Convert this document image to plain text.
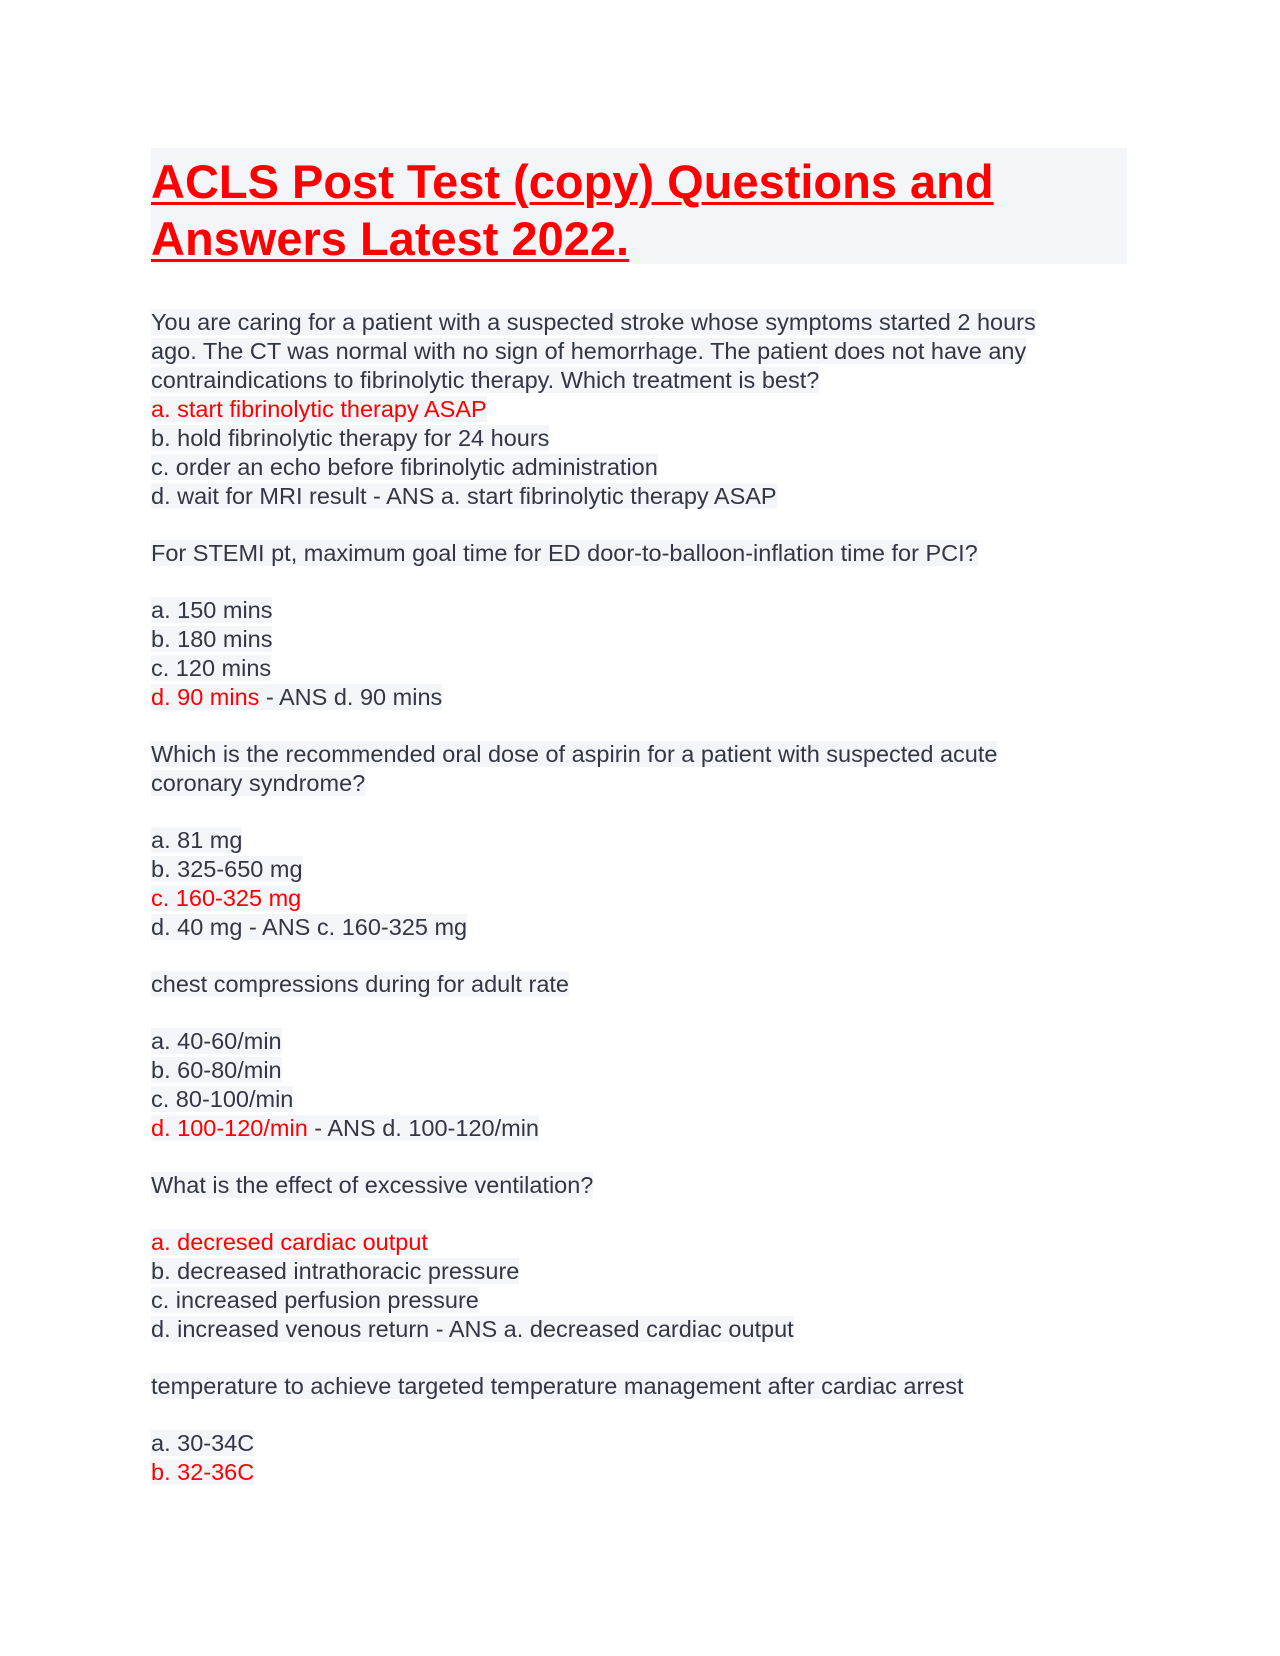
ACLS Post Test (copy) Questions and
Answers Latest 2022.
You are caring for a patient with a suspected stroke whose symptoms started 2 hours
ago. The CT was normal with no sign of hemorrhage. The patient does not have any
contraindications to fibrinolytic therapy. Which treatment is best?
a. start fibrinolytic therapy ASAP
b. hold fibrinolytic therapy for 24 hours
c. order an echo before fibrinolytic administration
d. wait for MRI result - ANS a. start fibrinolytic therapy ASAP
For STEMI pt, maximum goal time for ED door-to-balloon-inflation time for PCI?
a. 150 mins
b. 180 mins
c. 120 mins
d. 90 mins - ANS d. 90 mins
Which is the recommended oral dose of aspirin for a patient with suspected acute
coronary syndrome?
a. 81 mg
b. 325-650 mg
c. 160-325 mg
d. 40 mg - ANS c. 160-325 mg
chest compressions during for adult rate
a. 40-60/min
b. 60-80/min
c. 80-100/min
d. 100-120/min - ANS d. 100-120/min
What is the effect of excessive ventilation?
a. decresed cardiac output
b. decreased intrathoracic pressure
c. increased perfusion pressure
d. increased venous return - ANS a. decreased cardiac output
temperature to achieve targeted temperature management after cardiac arrest
a. 30-34C
b. 32-36C
